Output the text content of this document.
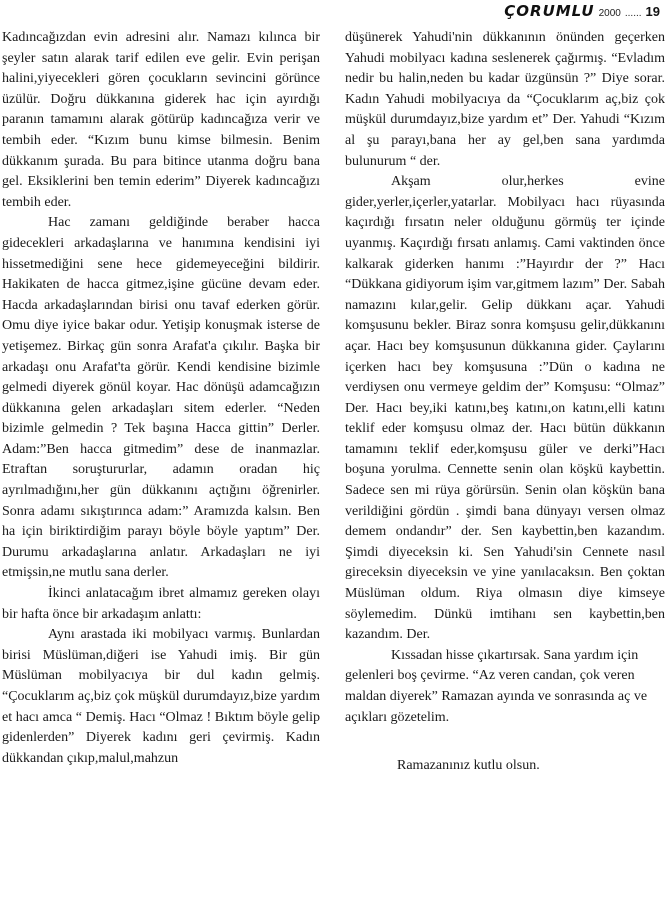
ÇORUMLU 2000 ...... 19

Kadıncağızdan evin adresini alır. Namazı kılınca bir şeyler satın alarak tarif edilen eve gelir. Evin perişan halini,yiyecekleri gören çocukların sevincini görünce üzülür. Doğru dükkanına giderek hac için ayırdığı paranın tamamını alarak götürüp kadıncağıza verir ve tembih eder. “Kızım bunu kimse bilmesin. Benim dükkanım şurada. Bu para bitince utanma doğru bana gel. Eksiklerini ben temin ederim” Diyerek kadıncağızı tembih eder.

Hac zamanı geldiğinde beraber hacca gidecekleri arkadaşlarına ve hanımına kendisini iyi hissetmediğini sene hece gidemeyeceğini bildirir. Hakikaten de hacca gitmez,işine gücüne devam eder. Hacda arkadaşlarından birisi onu tavaf ederken görür. Omu diye iyice bakar odur. Yetişip konuşmak isterse de yetişemez. Birkaç gün sonra Arafat'a çıkılır. Başka bir arkadaşı onu Arafat'ta görür. Kendi kendisine bizimle gelmedi diyerek gönül koyar. Hac dönüşü adamcağızın dükkanına gelen arkadaşları sitem ederler. “Neden bizimle gelmedin ? Tek başına Hacca gittin” Derler. Adam:”Ben hacca gitmedim” dese de inanmazlar. Etraftan soruştururlar, adamın oradan hiç ayrılmadığını,her gün dükkanını açtığını öğrenirler. Sonra adamı sıkıştırınca adam:” Aramızda kalsın. Ben ha için biriktirdiğim parayı böyle böyle yaptım” Der. Durumu arkadaşlarına anlatır. Arkadaşları ne iyi etmişsin,ne mutlu sana derler.

İkinci anlatacağım ibret almamız gereken olayı bir hafta önce bir arkadaşım anlattı:

Aynı arastada iki mobilyacı varmış. Bunlardan birisi Müslüman,diğeri ise Yahudi imiş. Bir gün Müslüman mobilyacıya bir dul kadın gelmiş. “Çocuklarım aç,biz çok müşkül durumdayız,bize yardım et hacı amca “ Demiş. Hacı “Olmaz ! Bıktım böyle gelip gidenlerden” Diyerek kadını geri çevirmiş. Kadın dükkandan çıkıp,malul,mahzun

düşünerek Yahudi'nin dükkanının önünden geçerken Yahudi mobilyacı kadına seslenerek çağırmış. “Evladım nedir bu halin,neden bu kadar üzgünsün ?” Diye sorar. Kadın Yahudi mobilyacıya da “Çocuklarım aç,biz çok müşkül durumdayız,bize yardım et” Der. Yahudi “Kızım al şu parayı,bana her ay gel,ben sana yardımda bulunurum “ der.

Akşam olur,herkes evine gider,yerler,içerler,yatarlar. Mobilyacı hacı rüyasında kaçırdığı fırsatın neler olduğunu görmüş ter içinde uyanmış. Kaçırdığı fırsatı anlamış. Cami vaktinden önce kalkarak giderken hanımı :”Hayırdır der ?” Hacı “Dükkana gidiyorum işim var,gitmem lazım” Der. Sabah namazını kılar,gelir. Gelip dükkanı açar. Yahudi komşusunu bekler. Biraz sonra komşusu gelir,dükkanını açar. Hacı bey komşusunun dükkanına gider. Çaylarını içerken hacı bey komşusuna :”Dün o kadına ne verdiysen onu vermeye geldim der” Komşusu: “Olmaz” Der. Hacı bey,iki katını,beş katını,on katını,elli katını teklif eder komşusu olmaz der. Hacı bütün dükkanın tamamını teklif eder,komşusu güler ve derki”Hacı boşuna yorulma. Cennette senin olan köşkü kaybettin. Sadece sen mi rüya görürsün. Senin olan köşkün bana verildiğini gördün . şimdi bana dünyayı versen olmaz demem ondandır” der. Sen kaybettin,ben kazandım. Şimdi diyeceksin ki. Sen Yahudi'sin Cennete nasıl gireceksin diyeceksin ve yine yanılacaksın. Ben çoktan Müslüman oldum. Riya olmasın diye kimseye söylemedim. Dünkü imtihanı sen kaybettin,ben kazandım. Der.

Kıssadan hisse çıkartırsak. Sana yardım için gelenleri boş çevirme. “Az veren candan, çok veren maldan diyerek” Ramazan ayında ve sonrasında aç ve açıkları gözetelim.

Ramazanınız kutlu olsun.
